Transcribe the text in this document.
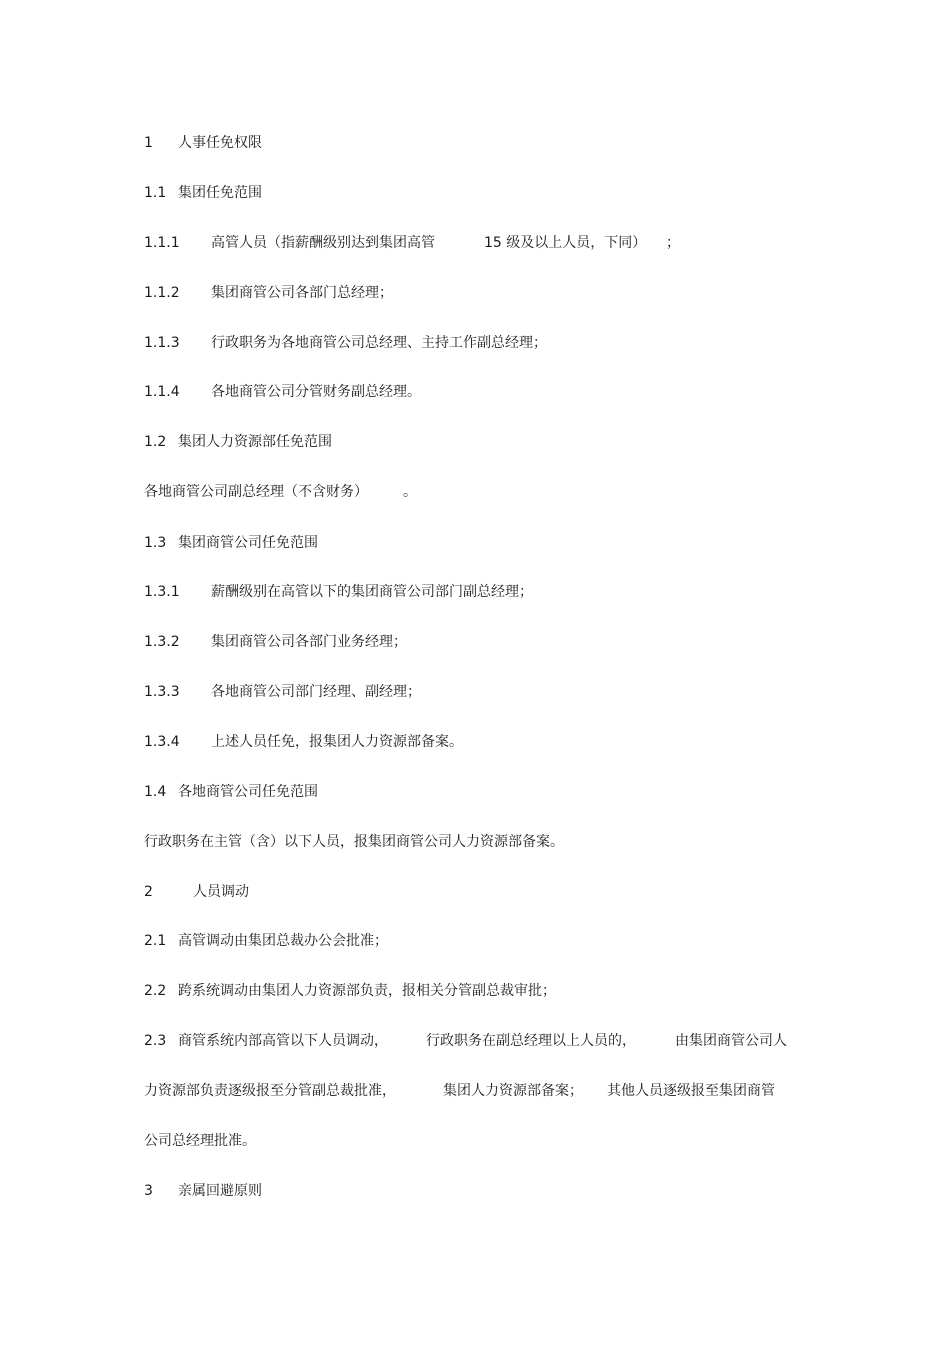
1 人事任免权限
1.1 集团任免范围
1.1.1 高管人员（指薪酬级别达到集团高管	15 级及以上人员，下同） ；
1.1.2 集团商管公司各部门总经理；
1.1.3 行政职务为各地商管公司总经理、主持工作副总经理；
1.1.4 各地商管公司分管财务副总经理。
1.2 集团人力资源部任免范围
各地商管公司副总经理（不含财务）	。
1.3 集团商管公司任免范围
1.3.1 薪酬级别在高管以下的集团商管公司部门副总经理；
1.3.2 集团商管公司各部门业务经理；
1.3.3 各地商管公司部门经理、副经理；
1.3.4 上述人员任免，报集团人力资源部备案。
1.4 各地商管公司任免范围
行政职务在主管（含）以下人员，报集团商管公司人力资源部备案。
2	人员调动
2.1 高管调动由集团总裁办公会批准；
2.2 跨系统调动由集团人力资源部负责，报相关分管副总裁审批；
2.3 商管系统内部高管以下人员调动，	行政职务在副总经理以上人员的，	由集团商管公司人
力资源部负责逐级报至分管副总裁批准，	集团人力资源部备案； 其他人员逐级报至集团商管
公司总经理批准。
3 亲属回避原则
